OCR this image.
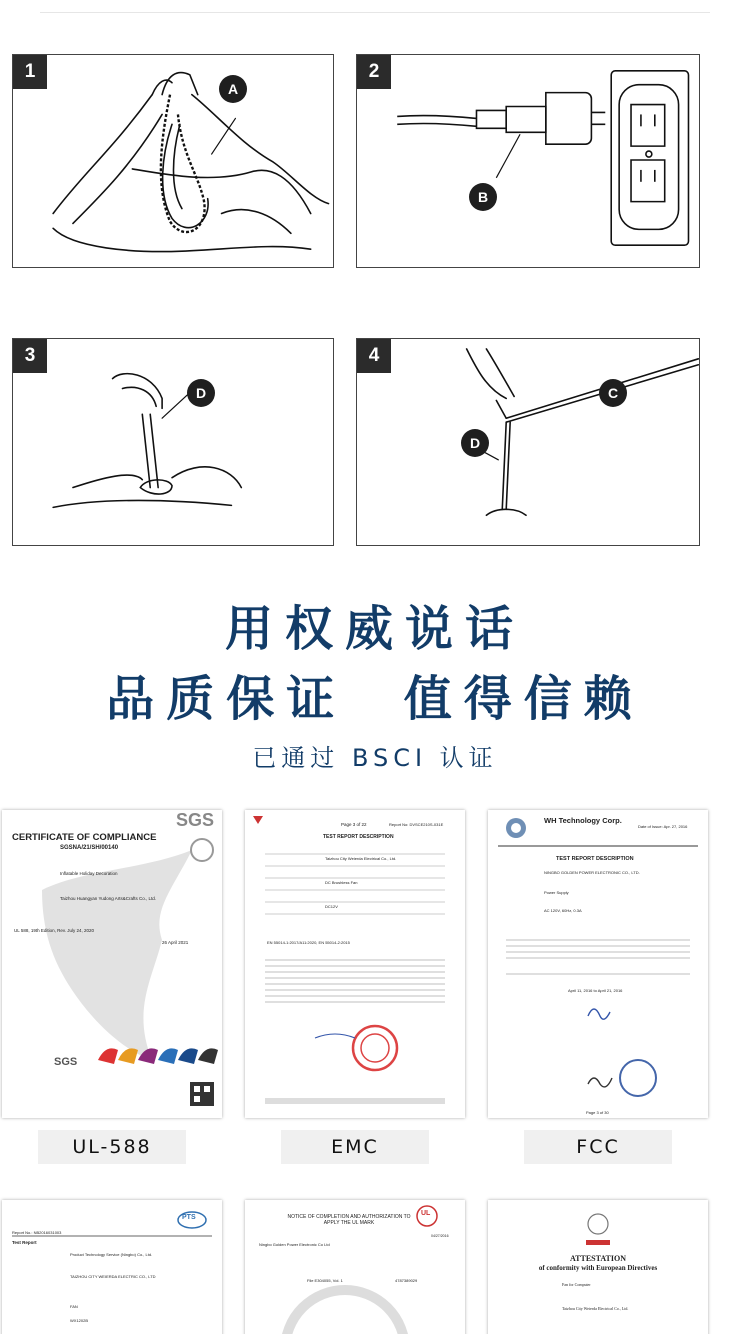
1
A
2
B
3
D
4
C
D
用权威说话
品质保证  值得信赖
已通过 BSCI 认证
SGS
CERTIFICATE OF COMPLIANCE
SGSNA/21/SH/00140
Inflatable Holiday Decoration
Taizhou Huangyan Yudong Arts&Crafts Co., Ltd.
UL 588, 19th Edition, Rev. July 24, 2020
26 April 2021
SGS
UL-588
Page 3 of 22	Report No: DVSCE210S-031E
TEST REPORT DESCRIPTION
Taizhou City Weierda Electrical Co., Ltd.
DC Brushless Fan
DC12V
EN 55014-1:2017/A11:2020, EN 55014-2:2015
EMC
WH Technology Corp.
Date of Issue: Apr. 27, 2016
TEST REPORT DESCRIPTION
NINGBO GOLDEN POWER ELECTRONIC CO., LTD.
Power Supply
AC 120V, 60Hz, 0.3A
April 11, 2016 to April 21, 2016
Page 3 of 30
FCC
PTS
Report No.: NB2016031003
Test Report
Product Technology Service (Ningbo) Co., Ltd.
TAIZHOU CITY WEIERDA ELECTRIC CO., LTD
FAN
WX1202B
UL
NOTICE OF COMPLETION AND AUTHORIZATION TO APPLY THE UL MARK
04/27/2016
Ningbo Golden Power Electronic Co Ltd
File E304055, Vol. 1	4787389029
ATTESTATION
of conformity with European Directives
Fan for Computer
Taizhou City Weierda Electrical Co., Ltd.
